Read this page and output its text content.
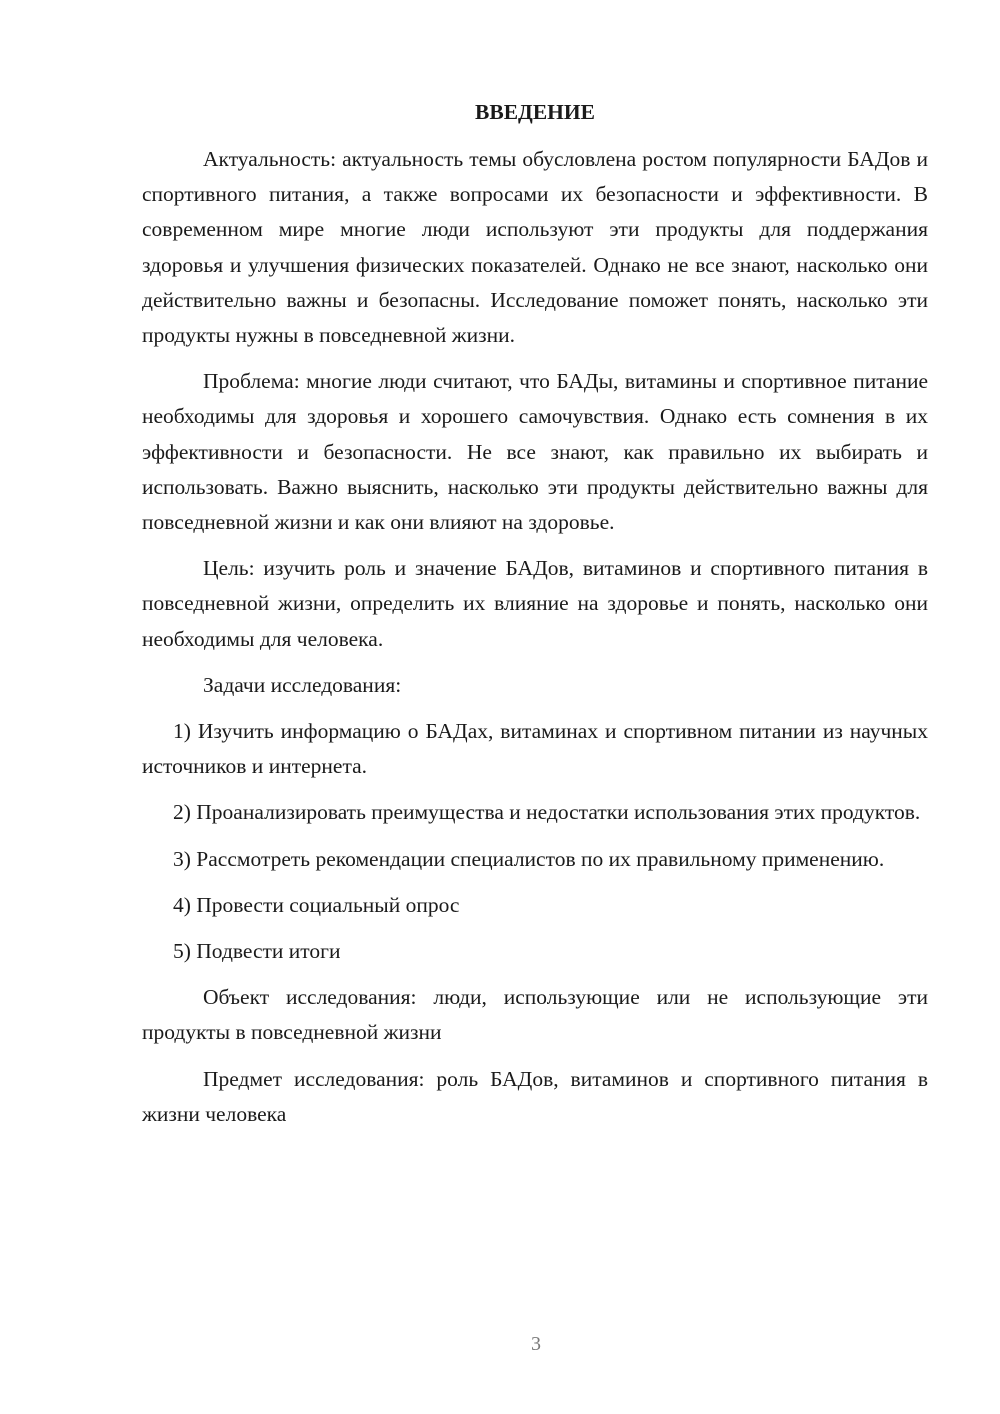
ВВЕДЕНИЕ

Актуальность: актуальность темы обусловлена ростом популярности БАДов и спортивного питания, а также вопросами их безопасности и эффективности. В современном мире многие люди используют эти продукты для поддержания здоровья и улучшения физических показателей. Однако не все знают, насколько они действительно важны и безопасны. Исследование поможет понять, насколько эти продукты нужны в повседневной жизни.

Проблема: многие люди считают, что БАДы, витамины и спортивное питание необходимы для здоровья и хорошего самочувствия. Однако есть сомнения в их эффективности и безопасности. Не все знают, как правильно их выбирать и использовать. Важно выяснить, насколько эти продукты действительно важны для повседневной жизни и как они влияют на здоровье.

Цель: изучить роль и значение БАДов, витаминов и спортивного питания в повседневной жизни, определить их влияние на здоровье и понять, насколько они необходимы для человека.

Задачи исследования:

1) Изучить информацию о БАДах, витаминах и спортивном питании из научных источников и интернета.

2) Проанализировать преимущества и недостатки использования этих продуктов.

3) Рассмотреть рекомендации специалистов по их правильному применению.

4) Провести социальный опрос

5) Подвести итоги

Объект исследования: люди, использующие или не использующие эти продукты в повседневной жизни

Предмет исследования: роль БАДов, витаминов и спортивного питания в жизни человека

3
